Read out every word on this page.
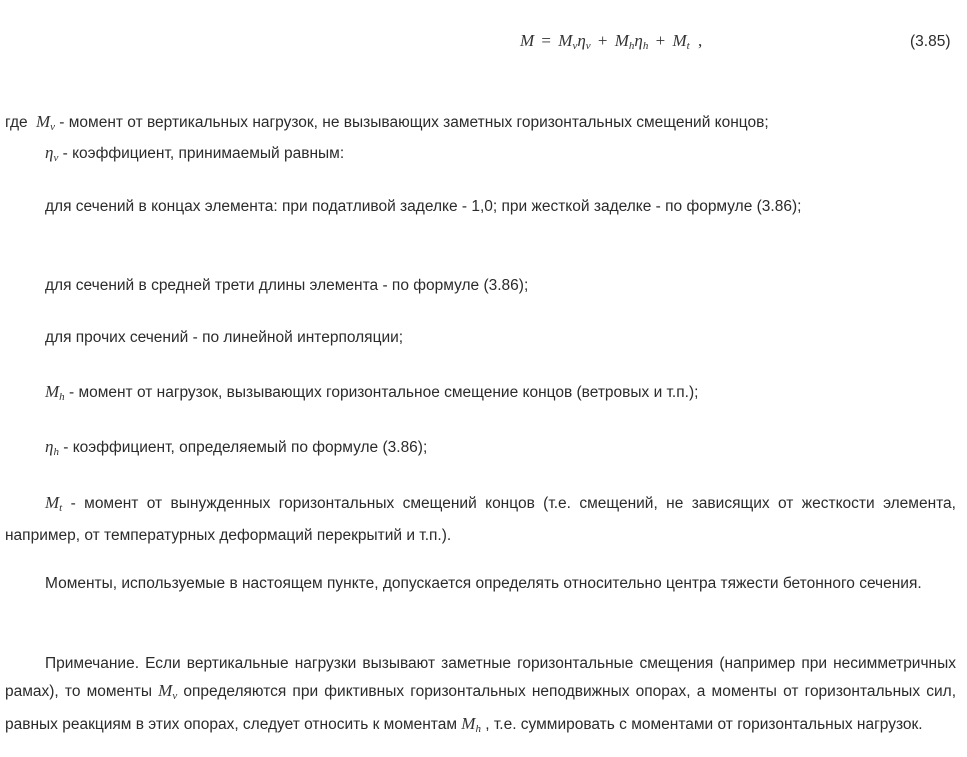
$M = M_v\eta_v + M_h\eta_h + M_t$ ,	(3.85)
где $M_v$ - момент от вертикальных нагрузок, не вызывающих заметных горизонтальных смещений концов;
$\eta_v$ - коэффициент, принимаемый равным:
для сечений в концах элемента: при податливой заделке - 1,0; при жесткой заделке - по формуле (3.86);
для сечений в средней трети длины элемента - по формуле (3.86);
для прочих сечений - по линейной интерполяции;
$M_h$ - момент от нагрузок, вызывающих горизонтальное смещение концов (ветровых и т.п.);
$\eta_h$ - коэффициент, определяемый по формуле (3.86);
$M_t$ - момент от вынужденных горизонтальных смещений концов (т.е. смещений, не зависящих от жесткости элемента, например, от температурных деформаций перекрытий и т.п.).
Моменты, используемые в настоящем пункте, допускается определять относительно центра тяжести бетонного сечения.
Примечание. Если вертикальные нагрузки вызывают заметные горизонтальные смещения (например при несимметричных рамах), то моменты $M_v$ определяются при фиктивных горизонтальных неподвижных опорах, а моменты от горизонтальных сил, равных реакциям в этих опорах, следует относить к моментам $M_h$ , т.е. суммировать с моментами от горизонтальных нагрузок.
